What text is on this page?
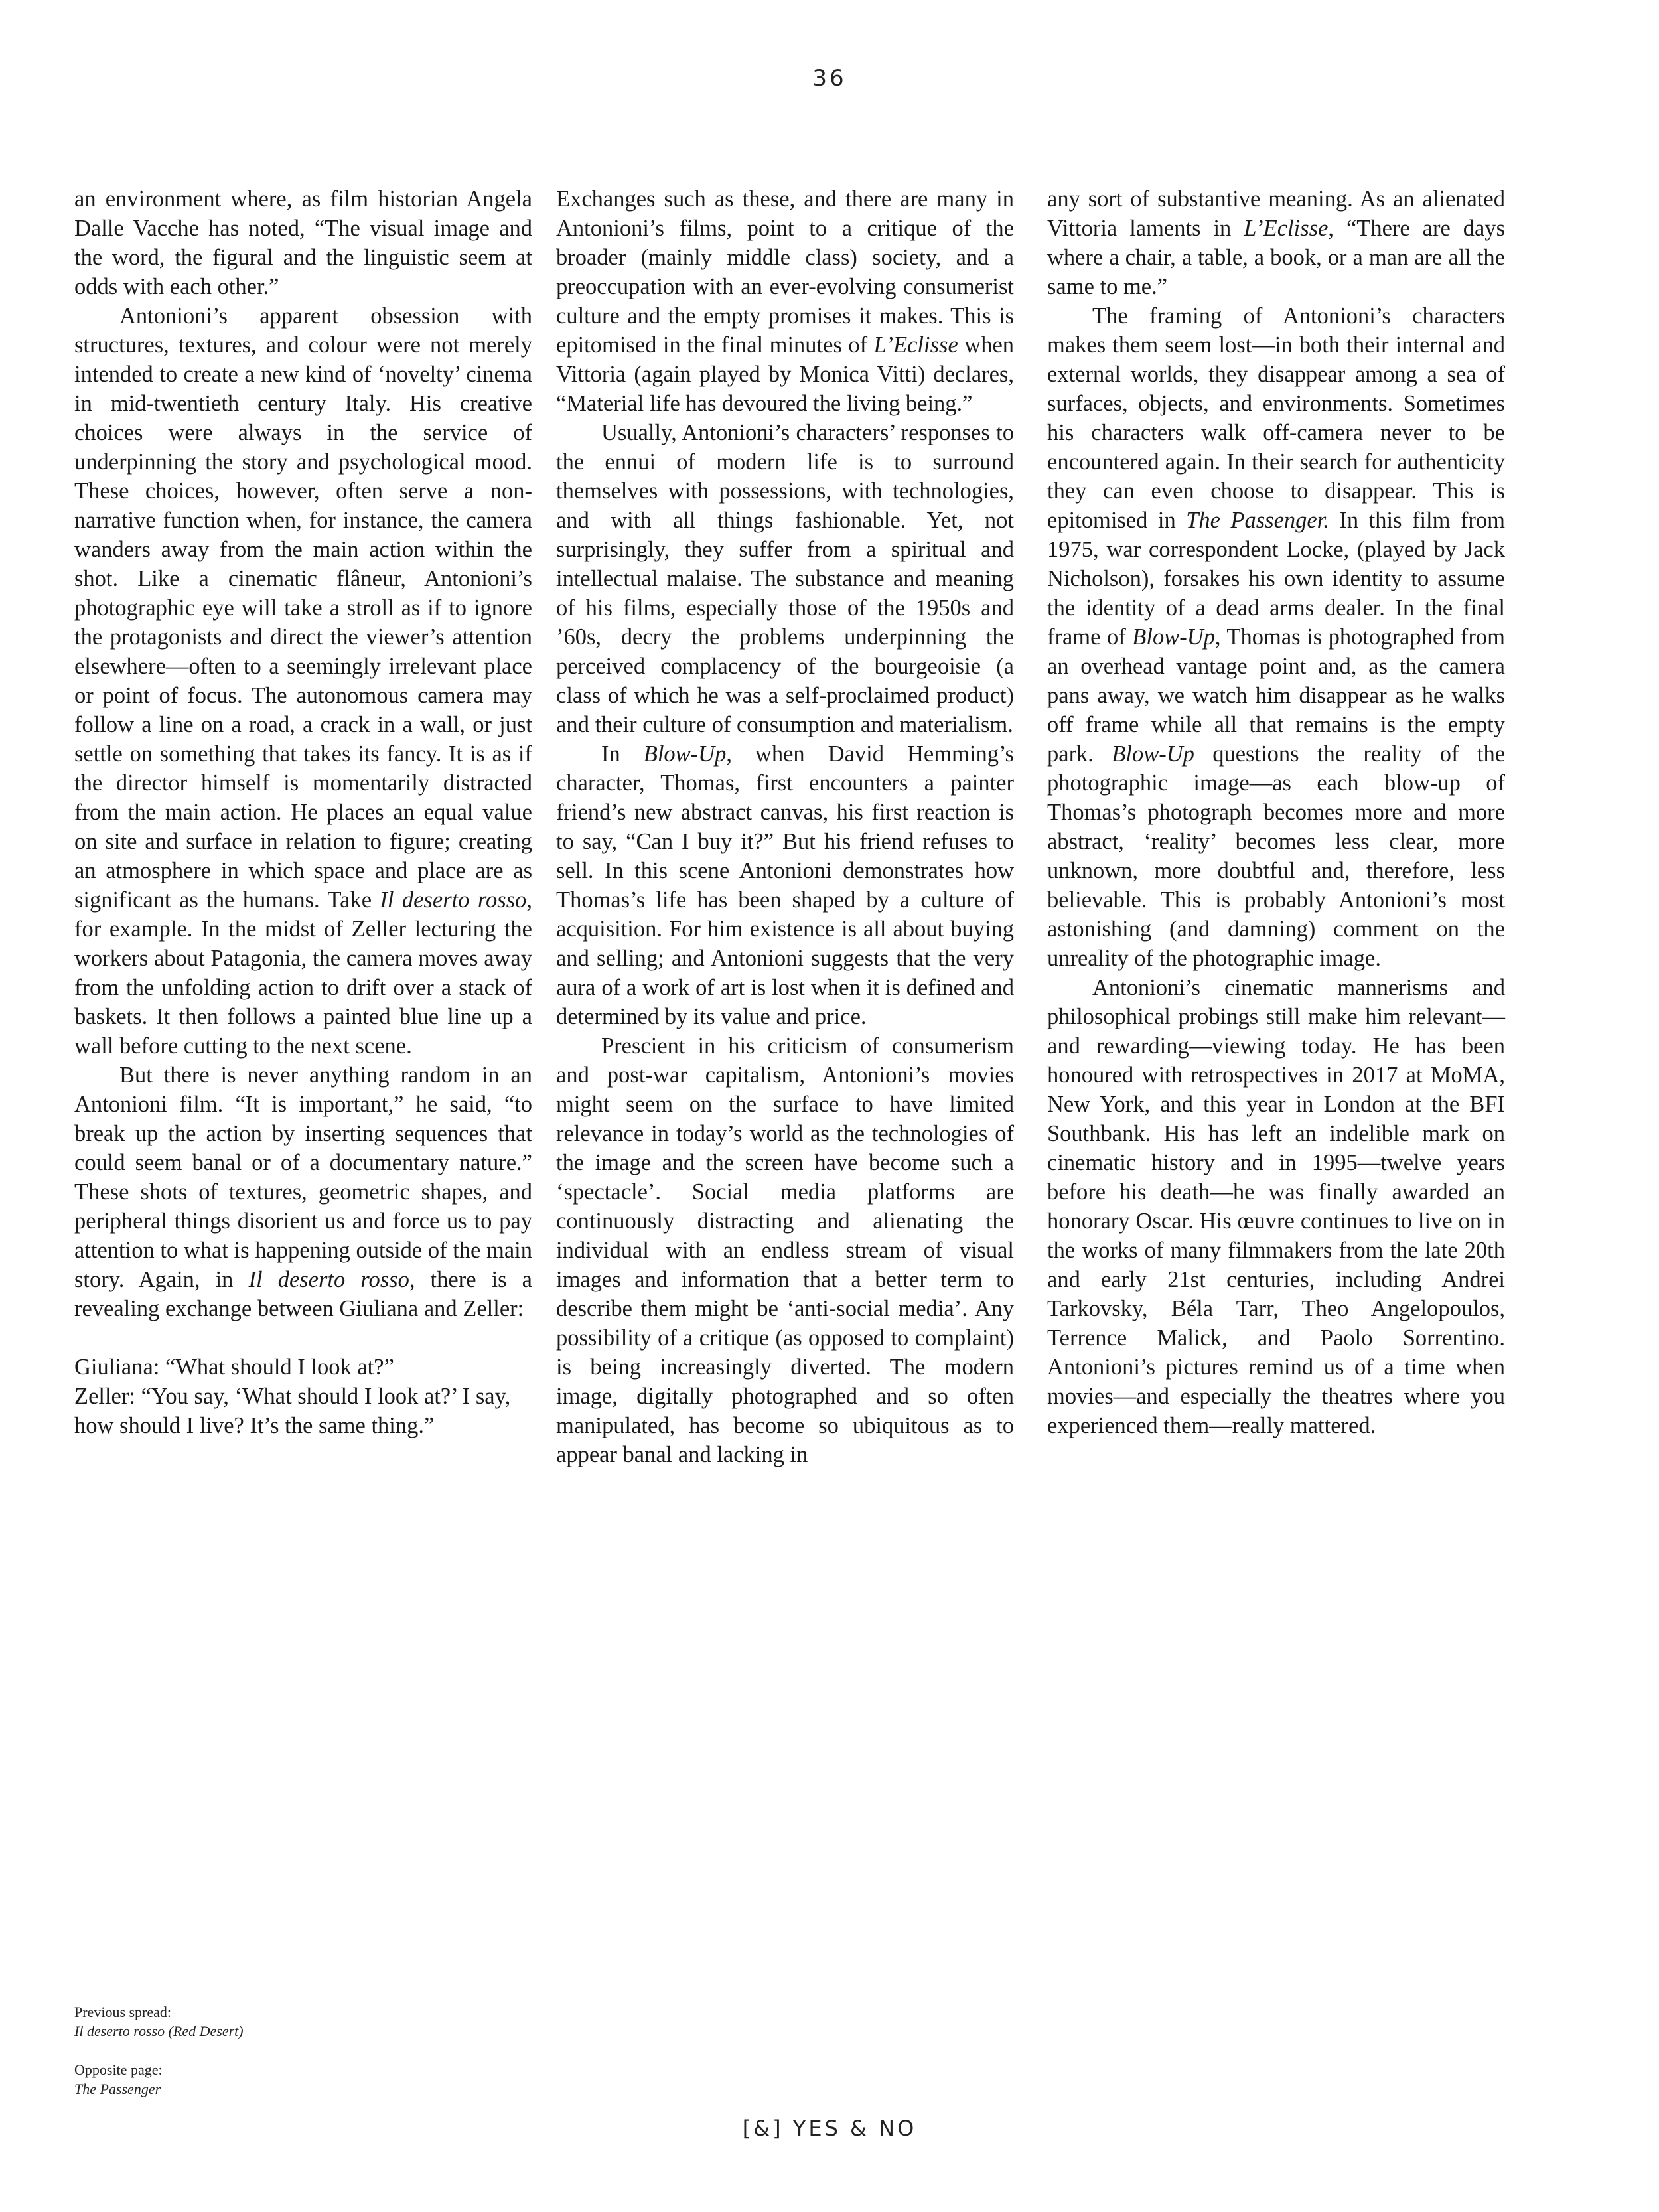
36

an environment where, as film historian Angela Dalle Vacche has noted, “The visual image and the word, the figural and the linguistic seem at odds with each other.”

Antonioni’s apparent obsession with structures, textures, and colour were not merely intended to create a new kind of ‘novelty’ cinema in mid-twentieth century Italy. His creative choices were always in the service of underpinning the story and psychological mood. These choices, however, often serve a non-narrative function when, for instance, the camera wanders away from the main action within the shot. Like a cinematic flâneur, Antonioni’s photographic eye will take a stroll as if to ignore the protagonists and direct the viewer’s attention elsewhere—often to a seemingly irrelevant place or point of focus. The autonomous camera may follow a line on a road, a crack in a wall, or just settle on something that takes its fancy. It is as if the director himself is momentarily distracted from the main action. He places an equal value on site and surface in relation to figure; creating an atmosphere in which space and place are as significant as the humans. Take Il deserto rosso, for example. In the midst of Zeller lecturing the workers about Patagonia, the camera moves away from the unfolding action to drift over a stack of baskets. It then follows a painted blue line up a wall before cutting to the next scene.

But there is never anything random in an Antonioni film. “It is important,” he said, “to break up the action by inserting sequences that could seem banal or of a documentary nature.” These shots of textures, geometric shapes, and peripheral things disorient us and force us to pay attention to what is happening outside of the main story. Again, in Il deserto rosso, there is a revealing exchange between Giuliana and Zeller:

Giuliana: “What should I look at?”

Zeller: “You say, ‘What should I look at?’ I say, how should I live? It’s the same thing.”

Exchanges such as these, and there are many in Antonioni’s films, point to a critique of the broader (mainly middle class) society, and a preoccupation with an ever-evolving consumerist culture and the empty promises it makes. This is epitomised in the final minutes of L’Eclisse when Vittoria (again played by Monica Vitti) declares, “Material life has devoured the living being.”

Usually, Antonioni’s characters’ responses to the ennui of modern life is to surround themselves with possessions, with technologies, and with all things fashionable. Yet, not surprisingly, they suffer from a spiritual and intellectual malaise. The substance and meaning of his films, especially those of the 1950s and ’60s, decry the problems underpinning the perceived complacency of the bourgeoisie (a class of which he was a self-proclaimed product) and their culture of consumption and materialism.

In Blow-Up, when David Hemming’s character, Thomas, first encounters a painter friend’s new abstract canvas, his first reaction is to say, “Can I buy it?” But his friend refuses to sell. In this scene Antonioni demonstrates how Thomas’s life has been shaped by a culture of acquisition. For him existence is all about buying and selling; and Antonioni suggests that the very aura of a work of art is lost when it is defined and determined by its value and price.

Prescient in his criticism of consumerism and post-war capitalism, Antonioni’s movies might seem on the surface to have limited relevance in today’s world as the technologies of the image and the screen have become such a ‘spectacle’. Social media platforms are continuously distracting and alienating the individual with an endless stream of visual images and information that a better term to describe them might be ‘anti-social media’. Any possibility of a critique (as opposed to complaint) is being increasingly diverted. The modern image, digitally photographed and so often manipulated, has become so ubiquitous as to appear banal and lacking in

any sort of substantive meaning. As an alienated Vittoria laments in L’Eclisse, “There are days where a chair, a table, a book, or a man are all the same to me.”

The framing of Antonioni’s characters makes them seem lost—in both their internal and external worlds, they disappear among a sea of surfaces, objects, and environments. Sometimes his characters walk off-camera never to be encountered again. In their search for authenticity they can even choose to disappear. This is epitomised in The Passenger. In this film from 1975, war correspondent Locke, (played by Jack Nicholson), forsakes his own identity to assume the identity of a dead arms dealer. In the final frame of Blow-Up, Thomas is photographed from an overhead vantage point and, as the camera pans away, we watch him disappear as he walks off frame while all that remains is the empty park. Blow-Up questions the reality of the photographic image—as each blow-up of Thomas’s photograph becomes more and more abstract, ‘reality’ becomes less clear, more unknown, more doubtful and, therefore, less believable. This is probably Antonioni’s most astonishing (and damning) comment on the unreality of the photographic image.

Antonioni’s cinematic mannerisms and philosophical probings still make him relevant—and rewarding—viewing today. He has been honoured with retrospectives in 2017 at MoMA, New York, and this year in London at the BFI Southbank. His has left an indelible mark on cinematic history and in 1995—twelve years before his death—he was finally awarded an honorary Oscar. His œuvre continues to live on in the works of many filmmakers from the late 20th and early 21st centuries, including Andrei Tarkovsky, Béla Tarr, Theo Angelopoulos, Terrence Malick, and Paolo Sorrentino. Antonioni’s pictures remind us of a time when movies—and especially the theatres where you experienced them—really mattered.

Previous spread:
Il deserto rosso (Red Desert)
Opposite page:
The Passenger
[&] YES & NO
